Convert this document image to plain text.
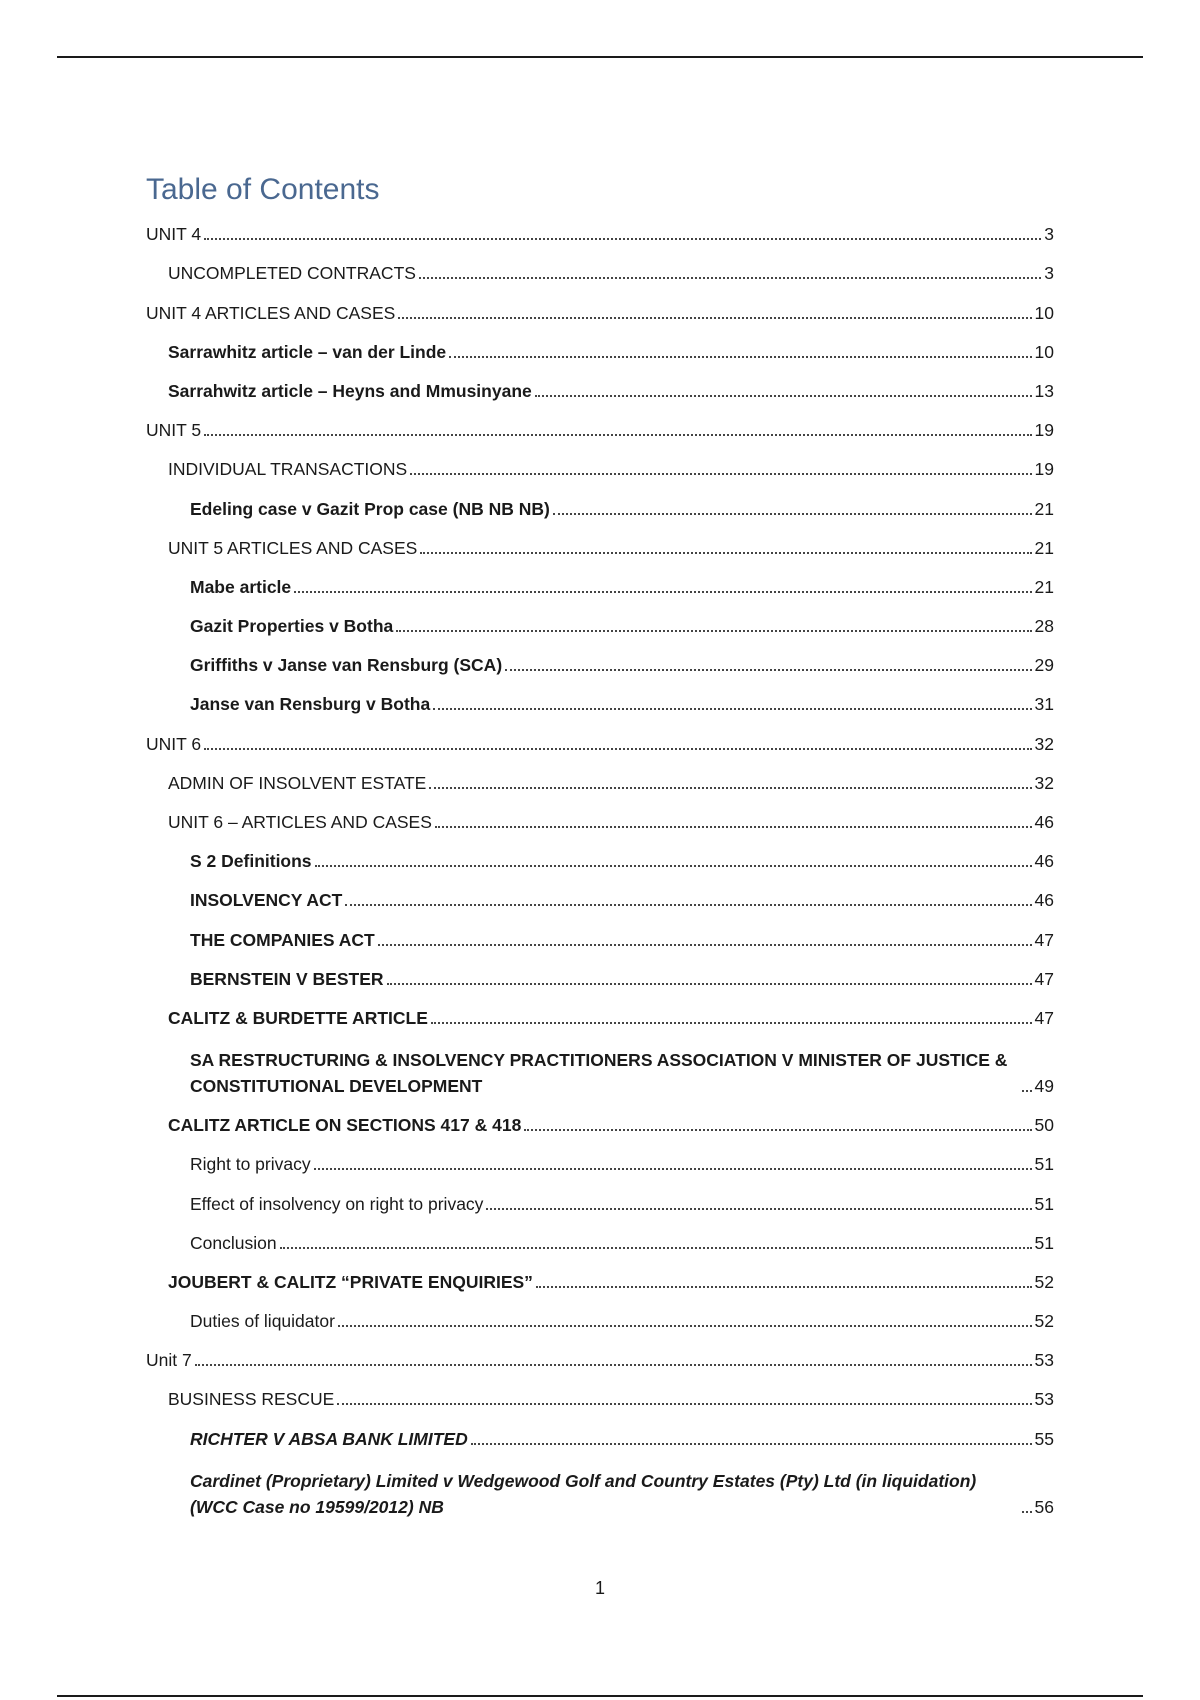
Table of Contents
UNIT 4	3
UNCOMPLETED CONTRACTS	3
UNIT 4 ARTICLES AND CASES	10
Sarrawhitz article – van der Linde	10
Sarrahwitz article – Heyns and Mmusinyane	13
UNIT 5	19
INDIVIDUAL TRANSACTIONS	19
Edeling case v Gazit Prop case (NB NB NB)	21
UNIT 5 ARTICLES AND CASES	21
Mabe article	21
Gazit Properties v Botha	28
Griffiths v Janse van Rensburg (SCA)	29
Janse van Rensburg v Botha	31
UNIT 6	32
ADMIN OF INSOLVENT ESTATE	32
UNIT 6 – ARTICLES AND CASES	46
S 2 Definitions	46
INSOLVENCY ACT	46
THE COMPANIES ACT	47
BERNSTEIN V BESTER	47
CALITZ & BURDETTE ARTICLE	47
SA RESTRUCTURING & INSOLVENCY PRACTITIONERS ASSOCIATION V MINISTER OF JUSTICE & CONSTITUTIONAL DEVELOPMENT	49
CALITZ ARTICLE ON SECTIONS 417 & 418	50
Right to privacy	51
Effect of insolvency on right to privacy	51
Conclusion	51
JOUBERT & CALITZ “PRIVATE ENQUIRIES”	52
Duties of liquidator	52
Unit 7	53
BUSINESS RESCUE	53
RICHTER V ABSA BANK LIMITED	55
Cardinet (Proprietary) Limited v Wedgewood Golf and Country Estates (Pty) Ltd (in liquidation) (WCC Case no 19599/2012) NB	56
1
